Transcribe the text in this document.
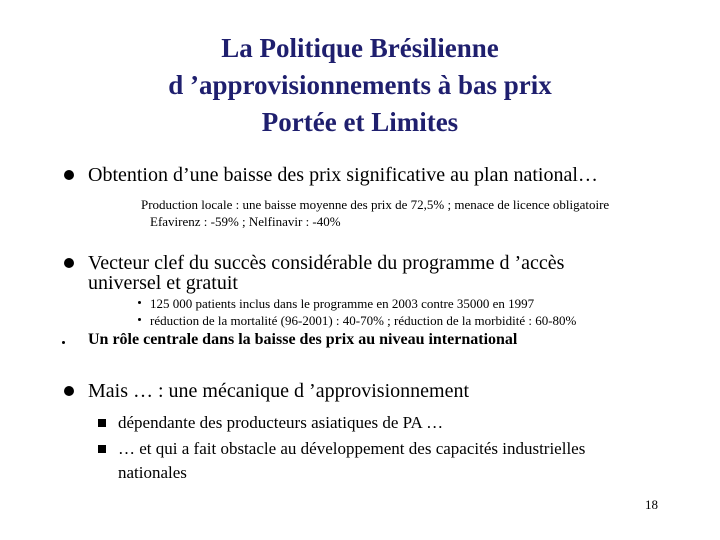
La Politique Brésilienne
d ’approvisionnements à bas prix
Portée et Limites
Obtention d’une baisse des prix significative au plan national…
Production locale : une baisse moyenne des prix de 72,5% ; menace de licence obligatoire
Efavirenz : -59% ; Nelfinavir : -40%
Vecteur clef du succès considérable du programme d ’accès
universel et gratuit
125 000 patients inclus dans le programme en 2003 contre 35000 en 1997
réduction de la mortalité (96-2001) : 40-70% ; réduction de la morbidité : 60-80%
Un rôle centrale dans la baisse des prix au niveau international
Mais … : une mécanique d ’approvisionnement
dépendante des producteurs asiatiques de PA …
… et qui a fait obstacle au développement des capacités industrielles
nationales
18
